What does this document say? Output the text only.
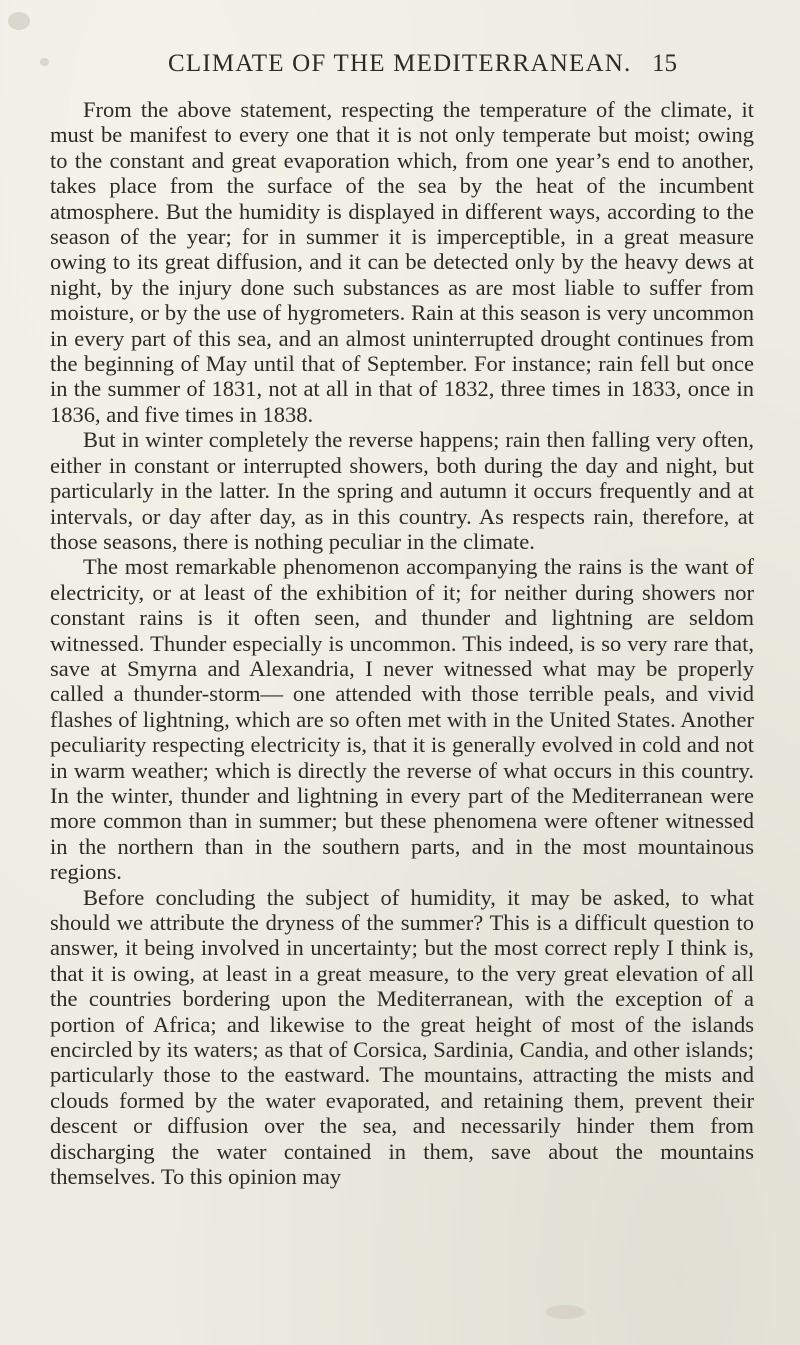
CLIMATE OF THE MEDITERRANEAN. 15

From the above statement, respecting the temperature of the climate, it must be manifest to every one that it is not only temperate but moist; owing to the constant and great evaporation which, from one year’s end to another, takes place from the surface of the sea by the heat of the incumbent atmosphere. But the humidity is displayed in different ways, according to the season of the year; for in summer it is imperceptible, in a great measure owing to its great diffusion, and it can be detected only by the heavy dews at night, by the injury done such substances as are most liable to suffer from moisture, or by the use of hygrometers. Rain at this season is very uncommon in every part of this sea, and an almost uninterrupted drought continues from the beginning of May until that of September. For instance; rain fell but once in the summer of 1831, not at all in that of 1832, three times in 1833, once in 1836, and five times in 1838.

But in winter completely the reverse happens; rain then falling very often, either in constant or interrupted showers, both during the day and night, but particularly in the latter. In the spring and autumn it occurs frequently and at intervals, or day after day, as in this country. As respects rain, therefore, at those seasons, there is nothing peculiar in the climate.

The most remarkable phenomenon accompanying the rains is the want of electricity, or at least of the exhibition of it; for neither during showers nor constant rains is it often seen, and thunder and lightning are seldom witnessed. Thunder especially is uncommon. This indeed, is so very rare that, save at Smyrna and Alexandria, I never witnessed what may be properly called a thunder-storm— one attended with those terrible peals, and vivid flashes of lightning, which are so often met with in the United States. Another peculiarity respecting electricity is, that it is generally evolved in cold and not in warm weather; which is directly the reverse of what occurs in this country. In the winter, thunder and lightning in every part of the Mediterranean were more common than in summer; but these phenomena were oftener witnessed in the northern than in the southern parts, and in the most mountainous regions.

Before concluding the subject of humidity, it may be asked, to what should we attribute the dryness of the summer? This is a difficult question to answer, it being involved in uncertainty; but the most correct reply I think is, that it is owing, at least in a great measure, to the very great elevation of all the countries bordering upon the Mediterranean, with the exception of a portion of Africa; and likewise to the great height of most of the islands encircled by its waters; as that of Corsica, Sardinia, Candia, and other islands; particularly those to the eastward. The mountains, attracting the mists and clouds formed by the water evaporated, and retaining them, prevent their descent or diffusion over the sea, and necessarily hinder them from discharging the water contained in them, save about the mountains themselves. To this opinion may
